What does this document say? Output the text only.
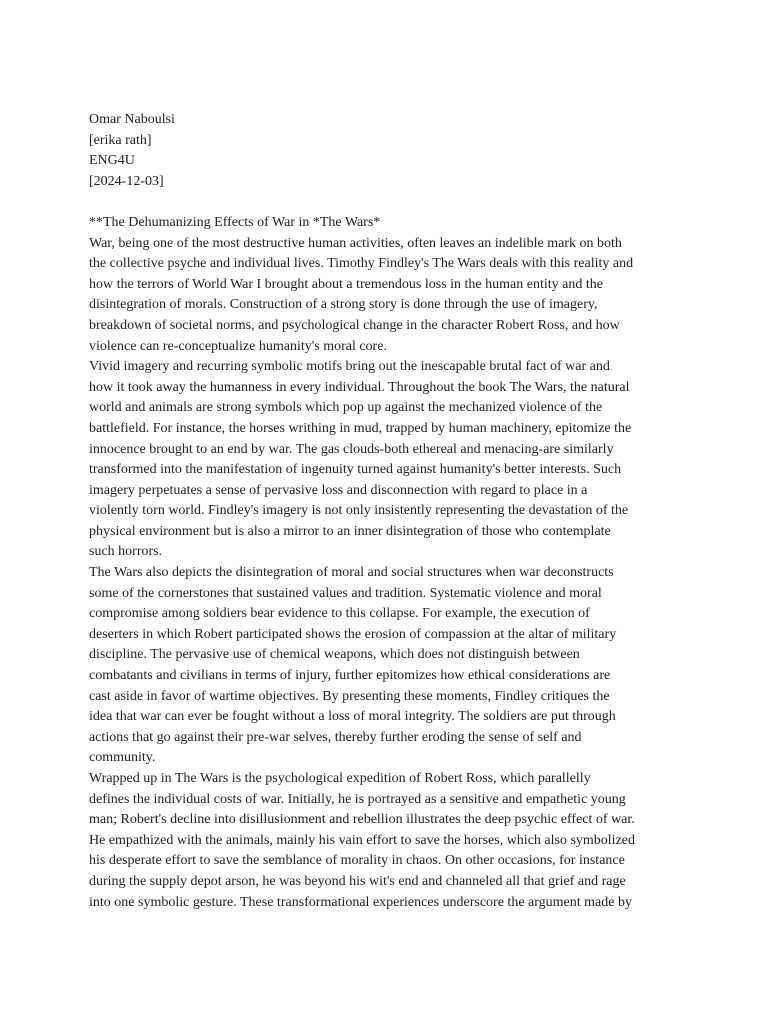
Omar Naboulsi
[erika rath]
ENG4U
[2024-12-03]
**The Dehumanizing Effects of War in *The Wars*
War, being one of the most destructive human activities, often leaves an indelible mark on both
the collective psyche and individual lives. Timothy Findley's The Wars deals with this reality and
how the terrors of World War I brought about a tremendous loss in the human entity and the
disintegration of morals. Construction of a strong story is done through the use of imagery,
breakdown of societal norms, and psychological change in the character Robert Ross, and how
violence can re-conceptualize humanity's moral core.
Vivid imagery and recurring symbolic motifs bring out the inescapable brutal fact of war and
how it took away the humanness in every individual. Throughout the book The Wars, the natural
world and animals are strong symbols which pop up against the mechanized violence of the
battlefield. For instance, the horses writhing in mud, trapped by human machinery, epitomize the
innocence brought to an end by war. The gas clouds-both ethereal and menacing-are similarly
transformed into the manifestation of ingenuity turned against humanity's better interests. Such
imagery perpetuates a sense of pervasive loss and disconnection with regard to place in a
violently torn world. Findley's imagery is not only insistently representing the devastation of the
physical environment but is also a mirror to an inner disintegration of those who contemplate
such horrors.
The Wars also depicts the disintegration of moral and social structures when war deconstructs
some of the cornerstones that sustained values and tradition. Systematic violence and moral
compromise among soldiers bear evidence to this collapse. For example, the execution of
deserters in which Robert participated shows the erosion of compassion at the altar of military
discipline. The pervasive use of chemical weapons, which does not distinguish between
combatants and civilians in terms of injury, further epitomizes how ethical considerations are
cast aside in favor of wartime objectives. By presenting these moments, Findley critiques the
idea that war can ever be fought without a loss of moral integrity. The soldiers are put through
actions that go against their pre-war selves, thereby further eroding the sense of self and
community.
Wrapped up in The Wars is the psychological expedition of Robert Ross, which parallelly
defines the individual costs of war. Initially, he is portrayed as a sensitive and empathetic young
man; Robert's decline into disillusionment and rebellion illustrates the deep psychic effect of war.
He empathized with the animals, mainly his vain effort to save the horses, which also symbolized
his desperate effort to save the semblance of morality in chaos. On other occasions, for instance
during the supply depot arson, he was beyond his wit's end and channeled all that grief and rage
into one symbolic gesture. These transformational experiences underscore the argument made by
